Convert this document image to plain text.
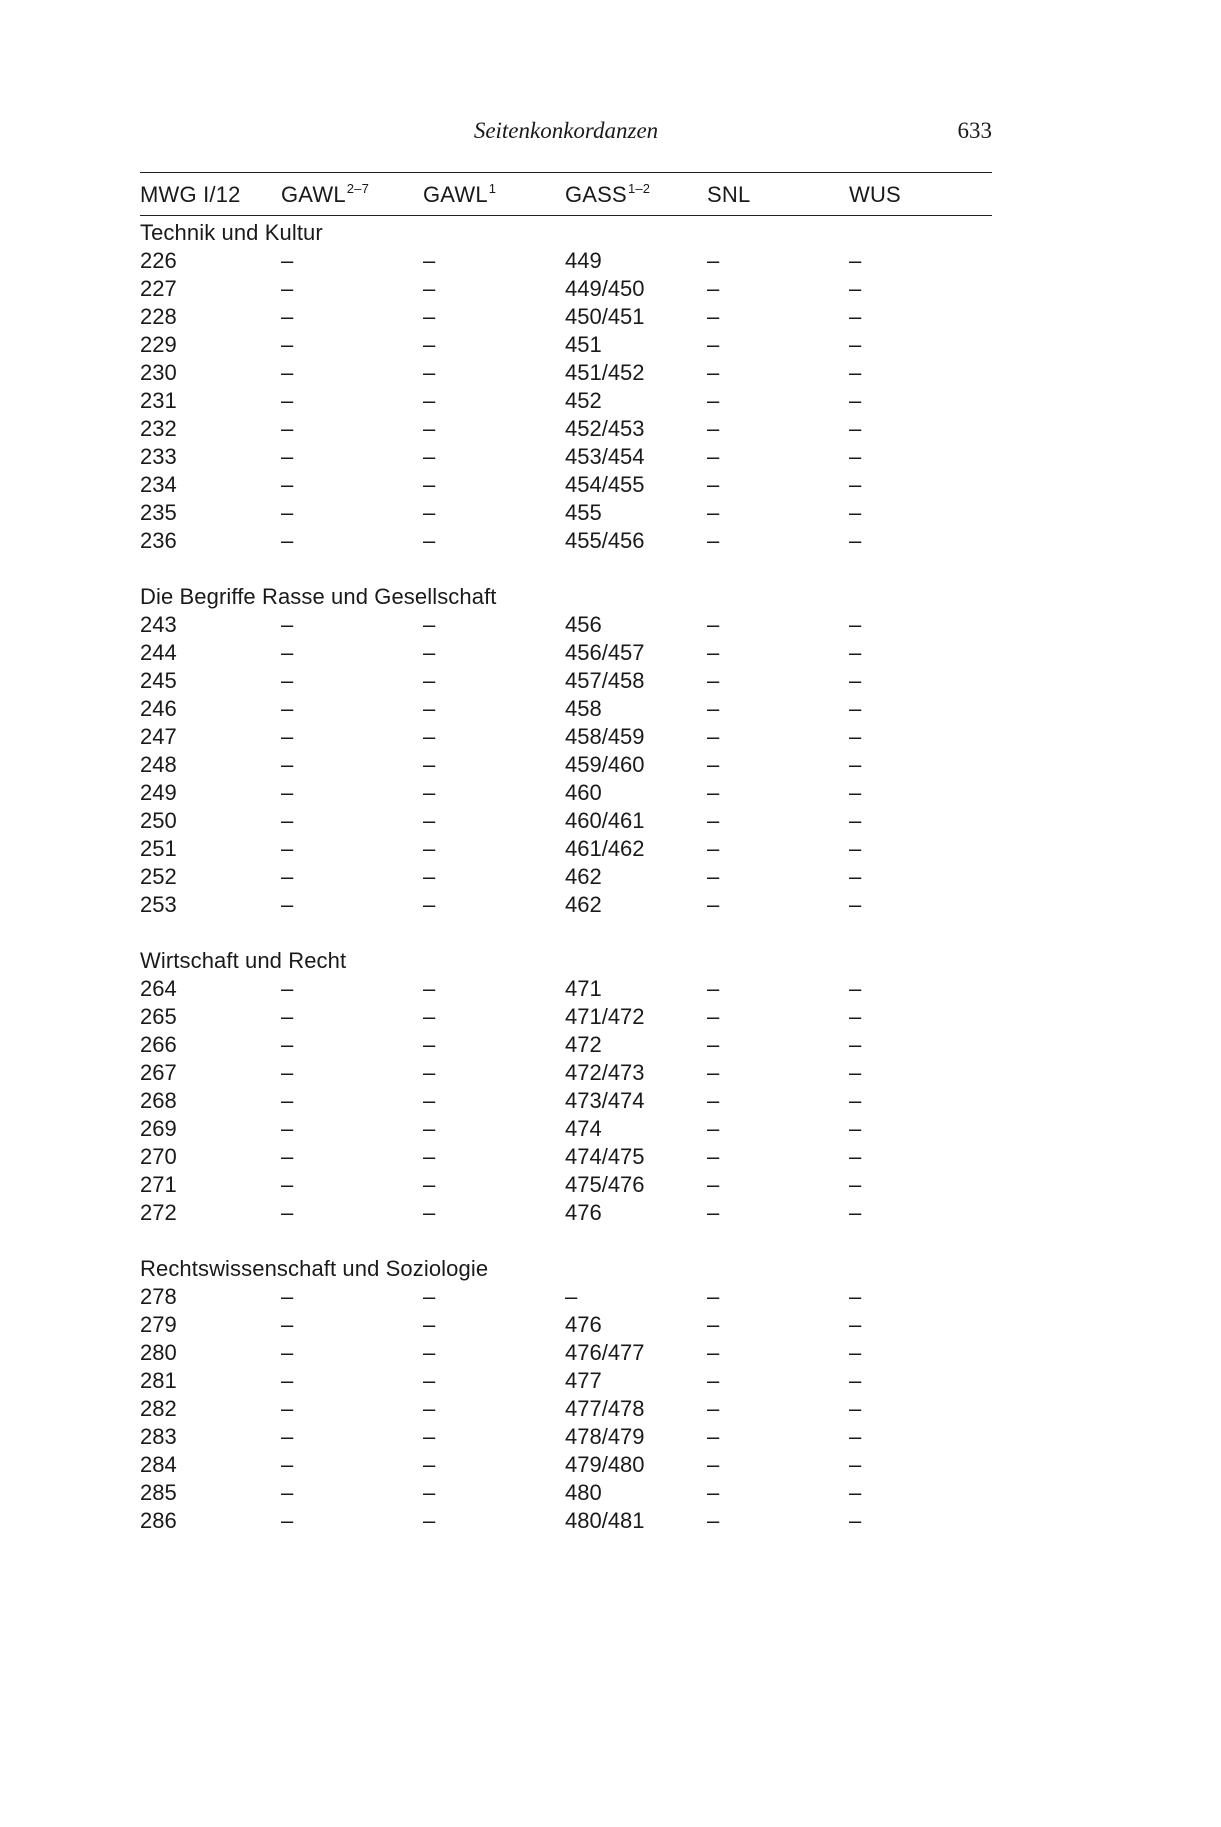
Seitenkonkordanzen	633
MWG I/12	GAWL$^{2-7}$	GAWL$^1$	GASS$^{1-2}$	SNL	WUS
Technik und Kultur
226	–	–	449	–	–
227	–	–	449/450	–	–
228	–	–	450/451	–	–
229	–	–	451	–	–
230	–	–	451/452	–	–
231	–	–	452	–	–
232	–	–	452/453	–	–
233	–	–	453/454	–	–
234	–	–	454/455	–	–
235	–	–	455	–	–
236	–	–	455/456	–	–
Die Begriffe Rasse und Gesellschaft
243	–	–	456	–	–
244	–	–	456/457	–	–
245	–	–	457/458	–	–
246	–	–	458	–	–
247	–	–	458/459	–	–
248	–	–	459/460	–	–
249	–	–	460	–	–
250	–	–	460/461	–	–
251	–	–	461/462	–	–
252	–	–	462	–	–
253	–	–	462	–	–
Wirtschaft und Recht
264	–	–	471	–	–
265	–	–	471/472	–	–
266	–	–	472	–	–
267	–	–	472/473	–	–
268	–	–	473/474	–	–
269	–	–	474	–	–
270	–	–	474/475	–	–
271	–	–	475/476	–	–
272	–	–	476	–	–
Rechtswissenschaft und Soziologie
278	–	–	–	–	–
279	–	–	476	–	–
280	–	–	476/477	–	–
281	–	–	477	–	–
282	–	–	477/478	–	–
283	–	–	478/479	–	–
284	–	–	479/480	–	–
285	–	–	480	–	–
286	–	–	480/481	–	–
